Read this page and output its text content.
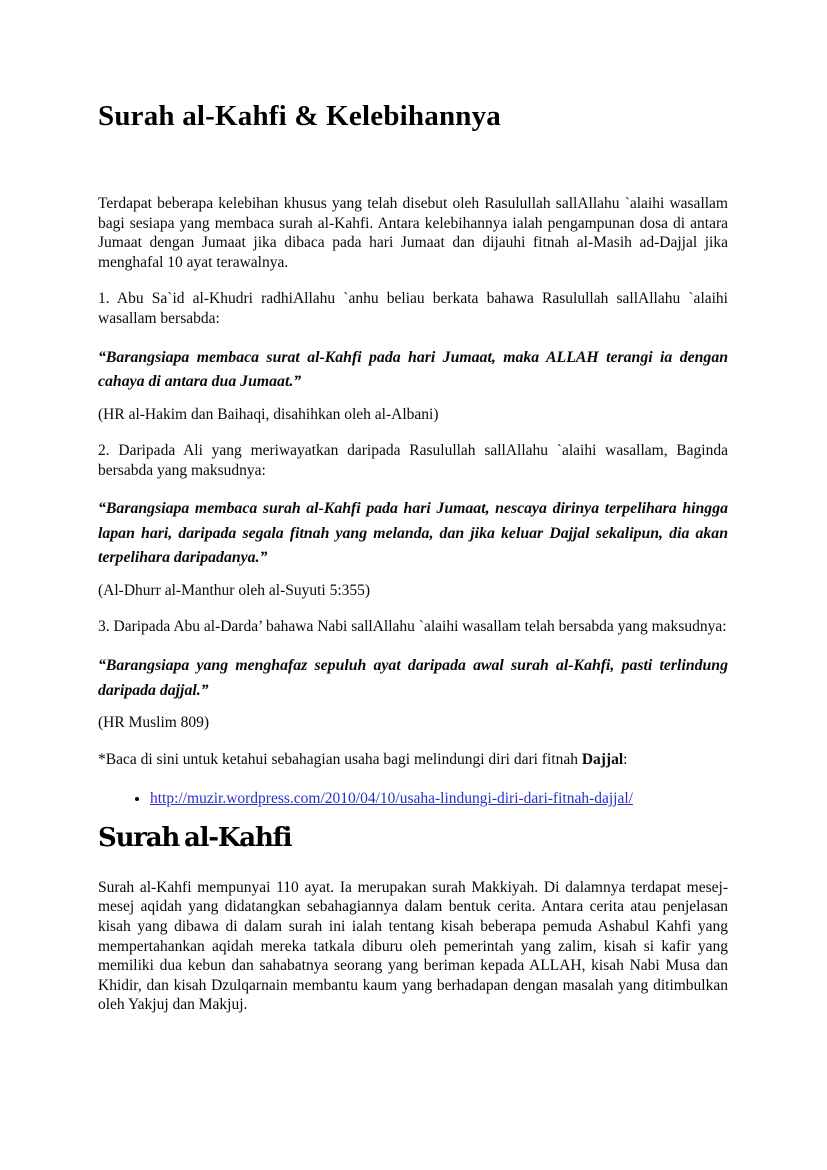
Surah al-Kahfi & Kelebihannya

Terdapat beberapa kelebihan khusus yang telah disebut oleh Rasulullah sallAllahu `alaihi wasallam bagi sesiapa yang membaca surah al-Kahfi. Antara kelebihannya ialah pengampunan dosa di antara Jumaat dengan Jumaat jika dibaca pada hari Jumaat dan dijauhi fitnah al-Masih ad-Dajjal jika menghafal 10 ayat terawalnya.

1. Abu Sa`id al-Khudri radhiAllahu `anhu beliau berkata bahawa Rasulullah sallAllahu `alaihi wasallam bersabda:

“Barangsiapa membaca surat al-Kahfi pada hari Jumaat, maka ALLAH terangi ia dengan cahaya di antara dua Jumaat.”

(HR al-Hakim dan Baihaqi, disahihkan oleh al-Albani)

2. Daripada Ali yang meriwayatkan daripada Rasulullah sallAllahu `alaihi wasallam, Baginda bersabda yang maksudnya:

“Barangsiapa membaca surah al-Kahfi pada hari Jumaat, nescaya dirinya terpelihara hingga lapan hari, daripada segala fitnah yang melanda, dan jika keluar Dajjal sekalipun, dia akan terpelihara daripadanya.”

(Al-Dhurr al-Manthur oleh al-Suyuti 5:355)

3. Daripada Abu al-Darda’ bahawa Nabi sallAllahu `alaihi wasallam telah bersabda yang maksudnya:

“Barangsiapa yang menghafaz sepuluh ayat daripada awal surah al-Kahfi, pasti terlindung daripada dajjal.”

(HR Muslim 809)

*Baca di sini untuk ketahui sebahagian usaha bagi melindungi diri dari fitnah Dajjal:

• http://muzir.wordpress.com/2010/04/10/usaha-lindungi-diri-dari-fitnah-dajjal/
Surah al-Kahfi

Surah al-Kahfi mempunyai 110 ayat. Ia merupakan surah Makkiyah. Di dalamnya terdapat mesej-mesej aqidah yang didatangkan sebahagiannya dalam bentuk cerita. Antara cerita atau penjelasan kisah yang dibawa di dalam surah ini ialah tentang kisah beberapa pemuda Ashabul Kahfi yang mempertahankan aqidah mereka tatkala diburu oleh pemerintah yang zalim, kisah si kafir yang memiliki dua kebun dan sahabatnya seorang yang beriman kepada ALLAH, kisah Nabi Musa dan Khidir, dan kisah Dzulqarnain membantu kaum yang berhadapan dengan masalah yang ditimbulkan oleh Yakjuj dan Makjuj.
